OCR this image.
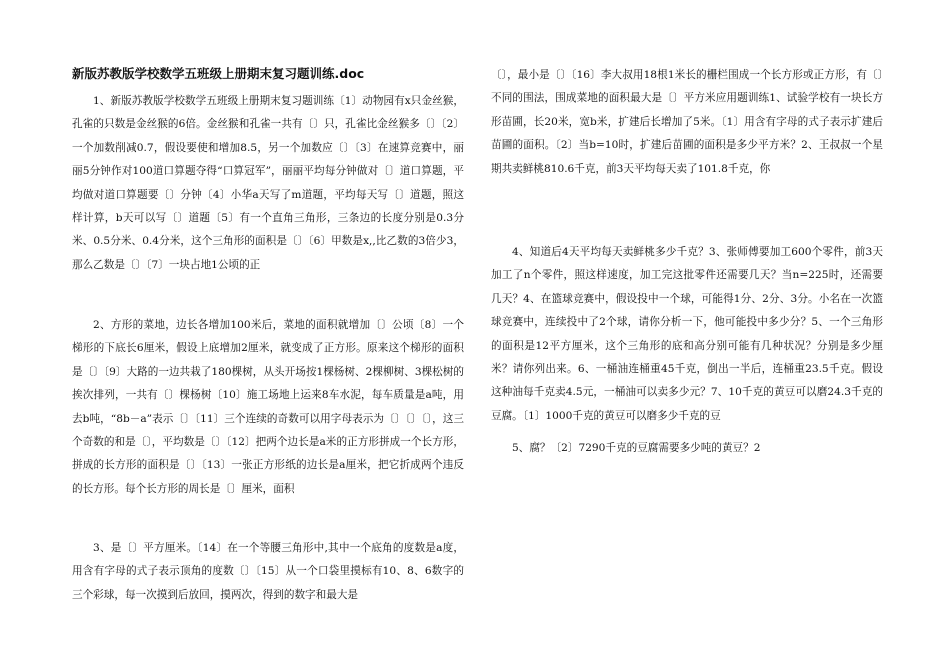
新版苏教版学校数学五班级上册期末复习题训练.doc

1、新版苏教版学校数学五班级上册期末复习题训练〔1〕动物园有x只金丝猴，孔雀的只数是金丝猴的6倍。金丝猴和孔雀一共有〔〕只，孔雀比金丝猴多〔〕〔2〕一个加数削减0.7，假设要使和增加8.5，另一个加数应〔〕〔3〕在速算竞赛中，丽丽5分钟作对100道口算题夺得“口算冠军”，丽丽平均每分钟做对〔〕道口算题，平均做对道口算题要〔〕分钟〔4〕小华a天写了m道题，平均每天写〔〕道题，照这样计算，b天可以写〔〕道题〔5〕有一个直角三角形，三条边的长度分别是0.3分米、0.5分米、0.4分米，这个三角形的面积是〔〕〔6〕甲数是x,,比乙数的3倍少3，那么乙数是〔〕〔7〕一块占地1公顷的正

2、方形的菜地，边长各增加100米后，菜地的面积就增加〔〕公顷〔8〕一个梯形的下底长6厘米，假设上底增加2厘米，就变成了正方形。原来这个梯形的面积是〔〕〔9〕大路的一边共栽了180棵树，从头开场按1棵杨树、2棵柳树、3棵松树的挨次排列，一共有〔〕棵杨树〔10〕施工场地上运来8车水泥，每车质量是a吨，用去b吨，“8b－a”表示〔〕〔11〕三个连续的奇数可以用字母表示为〔〕〔〕〔〕，这三个奇数的和是〔〕，平均数是〔〕〔12〕把两个边长是a米的正方形拼成一个长方形，拼成的长方形的面积是〔〕〔13〕一张正方形纸的边长是a厘米，把它折成两个违反的长方形。每个长方形的周长是〔〕厘米，面积

3、是〔〕平方厘米。〔14〕在一个等腰三角形中,其中一个底角的度数是a度，用含有字母的式子表示顶角的度数〔〕〔15〕从一个口袋里摸标有10、8、6数字的三个彩球，每一次摸到后放回，摸两次，得到的数字和最大是

〔〕，最小是〔〕〔16〕李大叔用18根1米长的栅栏围成一个长方形或正方形，有〔〕不同的围法，围成菜地的面积最大是〔〕平方米应用题训练1、试验学校有一块长方形苗圃，长20米，宽b米，扩建后长增加了5米。〔1〕用含有字母的式子表示扩建后苗圃的面积。〔2〕当b=10时，扩建后苗圃的面积是多少平方米？2、王叔叔一个星期共卖鲜桃810.6千克，前3天平均每天卖了101.8千克，你

4、知道后4天平均每天卖鲜桃多少千克？3、张师傅要加工600个零件，前3天加工了n个零件，照这样速度，加工完这批零件还需要几天？当n=225时，还需要几天？4、在篮球竞赛中，假设投中一个球，可能得1分、2分、3分。小名在一次篮球竞赛中，连续投中了2个球，请你分析一下，他可能投中多少分？5、一个三角形的面积是12平方厘米，这个三角形的底和高分别可能有几种状况？分别是多少厘米？请你列出来。6、一桶油连桶重45千克，倒出一半后，连桶重23.5千克。假设这种油每千克卖4.5元，一桶油可以卖多少元？7、10千克的黄豆可以磨24.3千克的豆腐。〔1〕1000千克的黄豆可以磨多少千克的豆

5、腐？〔2〕7290千克的豆腐需要多少吨的黄豆？2
